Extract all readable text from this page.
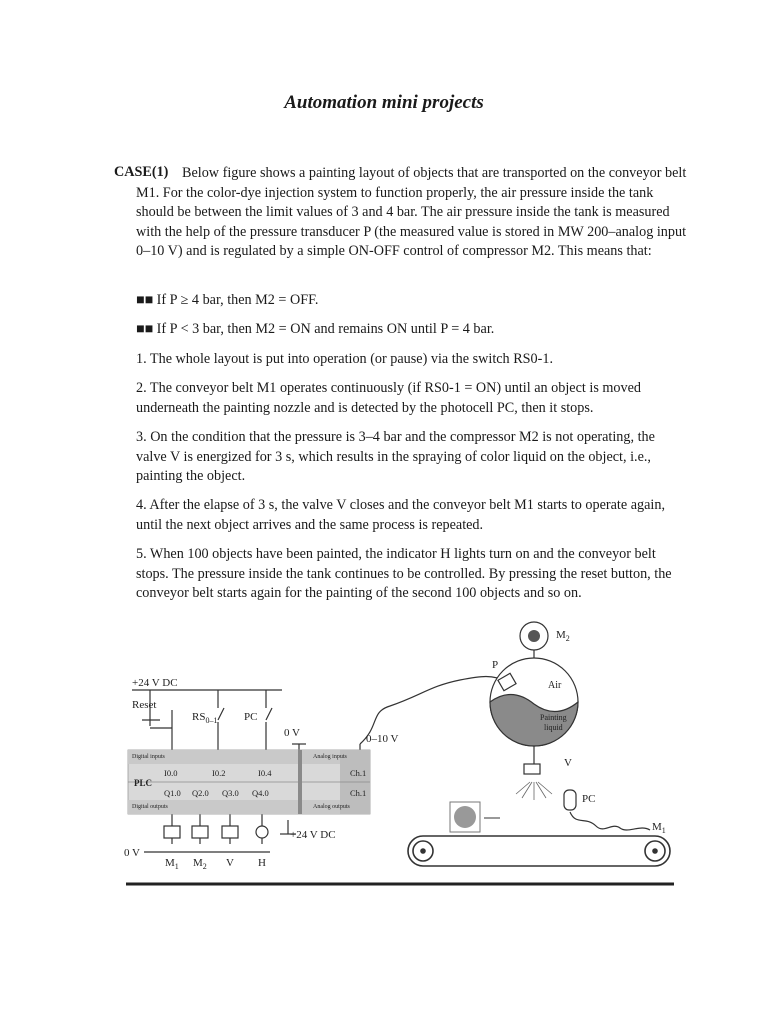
Automation mini projects
CASE(1) Below figure shows a painting layout of objects that are transported on the conveyor belt M1. For the color-dye injection system to function properly, the air pressure inside the tank should be between the limit values of 3 and 4 bar. The air pressure inside the tank is measured with the help of the pressure transducer P (the measured value is stored in MW 200–analog input 0–10 V) and is regulated by a simple ON-OFF control of compressor M2. This means that:
■■ If P ≥ 4 bar, then M2 = OFF.
■■ If P < 3 bar, then M2 = ON and remains ON until P = 4 bar.
1. The whole layout is put into operation (or pause) via the switch RS0-1.
2. The conveyor belt M1 operates continuously (if RS0-1 = ON) until an object is moved underneath the painting nozzle and is detected by the photocell PC, then it stops.
3. On the condition that the pressure is 3–4 bar and the compressor M2 is not operating, the valve V is energized for 3 s, which results in the spraying of color liquid on the object, i.e., painting the object.
4. After the elapse of 3 s, the valve V closes and the conveyor belt M1 starts to operate again, until the next object arrives and the same process is repeated.
5. When 100 objects have been painted, the indicator H lights turn on and the conveyor belt stops. The pressure inside the tank continues to be controlled. By pressing the reset button, the conveyor belt starts again for the painting of the second 100 objects and so on.
+24 V DC
Reset
$RS_{0-1}$ PC
0 V	0–10 V
Digital inputs
Digital outputs
Analog inputs
Analog outputs
PLC
I0.0	I0.2	I0.4
Q1.0 Q2.0 Q3.0 Q4.0
Ch.1
Ch.1
0 V
+24 V DC
$M_1$ $M_2$ V H
$M_2$
Air
Painting
liquid
P
V
PC
$M_1$
